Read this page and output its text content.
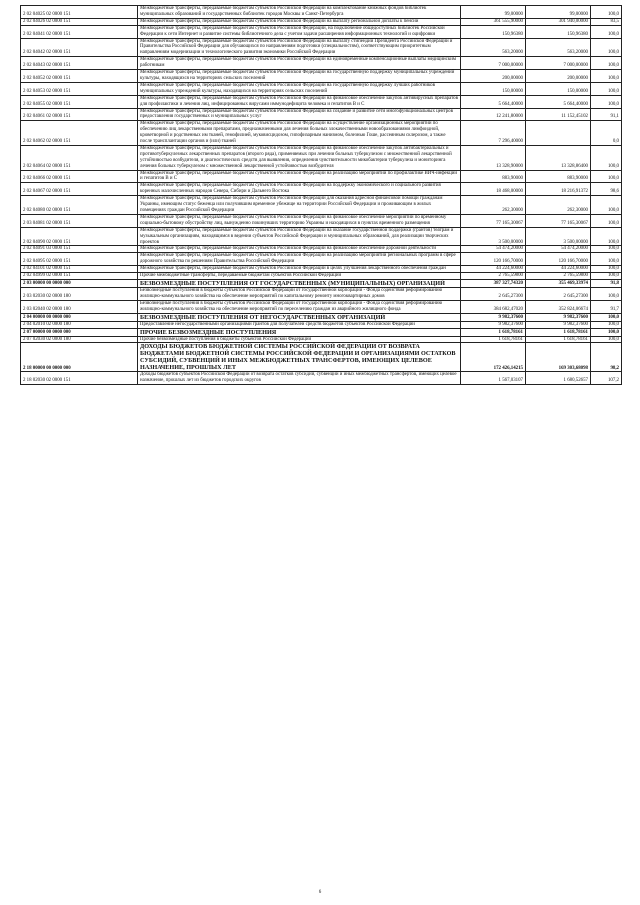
2 02 04025 02 0000 151	Межбюджетные трансферты, передаваемые бюджетам субъектов Российской Федерации на комплектование книжных фондов библиотек муниципальных образований и государственных библиотек городов Москвы и Санкт-Петербурга	99,00000	99,00000	100,0
2 02 04026 02 0000 151	Межбюджетные трансферты, передаваемые бюджетам субъектов Российской Федерации на выплату региональной доплаты к пенсии	361 555,90000	301 940,00000	83,5
2 02 04041 02 0000 151	Межбюджетные трансферты, передаваемые бюджетам субъектов Российской Федерации, на подключение общедоступных библиотек Российской Федерации к сети Интернет и развитие системы библиотечного дела с учетом задачи расширения информационных технологий и оцифровки	150,96380	150,96380	100,0
2 02 04042 02 0000 151	Межбюджетные трансферты, передаваемые бюджетам субъектов Российской Федерации на выплату стипендий Президента Российской Федерации и Правительства Российской Федерации для обучающихся по направлениям подготовки (специальностям), соответствующим приоритетным направлениям модернизации и технологического развития экономики Российской Федерации	563,20000	563,20000	100,0
2 02 04043 02 0000 151	Межбюджетные трансферты, передаваемые бюджетам субъектов Российской Федерации на единовременные компенсационные выплаты медицинским работникам	7 000,00000	7 000,00000	100,0
2 02 04052 02 0000 151	Межбюджетные трансферты, передаваемые бюджетам субъектов Российской Федерации на государственную поддержку муниципальных учреждений культуры, находящихся на территориях сельских поселений	200,00000	200,00000	100,0
2 02 04053 02 0000 151	Межбюджетные трансферты, передаваемые бюджетам субъектов Российской Федерации на государственную поддержку лучших работников муниципальных учреждений культуры, находящихся на территориях сельских поселений	150,00000	150,00000	100,0
2 02 04055 02 0000 151	Межбюджетные трансферты, передаваемые бюджетам субъектов Российской Федерации на финансовое обеспечение закупок антивирусных препаратов для профилактики и лечения лиц, инфицированных вирусами иммунодефицита человека и гепатитов В и С	5 664,40000	5 664,40000	100,0
2 02 04061 02 0000 151	Межбюджетные трансферты, передаваемые бюджетам субъектов Российской Федерации на создание и развитие сети многофункциональных центров предоставления государственных и муниципальных услуг	12 241,80000	11 152,45102	91,1
2 02 04062 02 0000 151	Межбюджетные трансферты, передаваемые бюджетам субъектов Российской Федерации на осуществление организационных мероприятий по обеспечению лиц лекарственными препаратами, предназначенными для лечения больных злокачественными новообразованиями лимфоидной, кроветворной и родственных им тканей, гемофилией, муковисцидозом, гипофизарным нанизмом, болезнью Гоше, рассеянным склерозом, а также после трансплантации органов и (или) тканей	7 296,40000		0,0
2 02 04064 02 0000 151	Межбюджетные трансферты, передаваемые бюджетам субъектов Российской Федерации на финансовое обеспечение закупок антибактериальных и противотуберкулезных лекарственных препаратов (второго ряда), применяемых при лечении больных туберкулезом с множественной лекарственной устойчивостью возбудителя, и диагностических средств для выявления, определения чувствительности микобактерии туберкулеза и мониторинга лечения больных туберкулезом с множественной лекарственной устойчивостью возбудителя	13 328,90000	13 328,86400	100,0
2 02 04066 02 0000 151	Межбюджетные трансферты, передаваемые бюджетам субъектов Российской Федерации на реализацию мероприятий по профилактике ВИЧ-инфекции и гепатитов В и С	883,90000	883,90000	100,0
2 02 04067 02 0000 151	Межбюджетные трансферты, передаваемые бюджетам субъектов Российской Федерации на поддержку экономического и социального развития коренных малочисленных народов Севера, Сибири и Дальнего Востока	18 468,00000	18 216,91372	98,6
2 02 04080 02 0000 151	Межбюджетные трансферты, передаваемые бюджетам субъектов Российской Федерации для оказания адресной финансовой помощи гражданам Украины, имеющим статус беженца или получившим временное убежище на территории Российской Федерации и проживающим в жилых помещениях граждан Российской Федерации	262,30000	262,30000	100,0
2 03 04081 02 0000 151	Межбюджетные трансферты, передаваемые бюджетам субъектов Российской Федерации на финансовое обеспечение мероприятий по временному социально-бытовому обустройству лиц, вынужденно покинувших территорию Украины и находящихся в пунктах временного размещения	77 165,30067	77 165,30067	100,0
2 02 04090 02 0000 151	Межбюджетные трансферты, передаваемые бюджетам субъектов Российской Федерации на оказание государственной поддержки (грантов) театрам и музыкальным организациям, находящимся в ведении субъектов Российской Федерации и муниципальных образований, для реализации творческих проектов	3 500,00000	3 500,00000	100,0
2 02 04091 03 0000 151	Межбюджетные трансферты, передаваемые бюджетам субъектов Российской Федерации на финансовое обеспечение дорожной деятельности	54 474,20000	54 474,20000	100,0
2 02 04095 02 0000 151	Межбюджетные трансферты, передаваемые бюджетам субъектов Российской Федерации на реализацию мероприятий региональных программ в сфере дорожного хозяйства по решениям Правительства Российской Федерации	120 166,70000	120 166,70000	100,0
2 02 04101 02 0000 151	Межбюджетные трансферты, передаваемые бюджетам субъектов Российской Федерации в целях улучшения лекарственного обеспечения граждан	44 224,60000	44 224,60000	100,0
2 02 04999 02 0000 151	Прочие межбюджетные трансферты, передаваемые бюджетам субъектов Российской Федерации	2 765,59800	2 765,59800	100,0
2 03 00000 00 0000 000	БЕЗВОЗМЕЗДНЫЕ ПОСТУПЛЕНИЯ ОТ ГОСУДАРСТВЕННЫХ (МУНИЦИПАЛЬНЫХ) ОРГАНИЗАЦИЙ	387 327,74320	355 469,33974	91,8
2 03 02030 02 0000 180	Безвозмездные поступления в бюджеты субъектов Российской Федерации от государственной корпорации - Фонда содействия реформированию жилищно-коммунального хозяйства на обеспечение мероприятий по капитальному ремонту многоквартирных домов	2 645,27300	2 645,27300	100,0
2 03 02040 02 0000 180	Безвозмездные поступления в бюджеты субъектов Российской Федерации от государственной корпорации - Фонда содействия реформированию жилищно-коммунального хозяйства на обеспечение мероприятий по переселению граждан из аварийного жилищного фонда	384 682,47020	352 824,06674	91,7
2 04 00000 00 0000 000	БЕЗВОЗМЕЗДНЫЕ ПОСТУПЛЕНИЯ ОТ НЕГОСУДАРСТВЕННЫХ ОРГАНИЗАЦИЙ	9 982,37600	9 982,37600	100,0
2 04 02010 02 0000 180	Предоставление негосударственными организациями грантов для получателей средств бюджетов субъектов Российской Федерации	9 982,37600	9 982,37600	100,0
2 07 00000 00 0000 000	ПРОЧИЕ БЕЗВОЗМЕЗДНЫЕ ПОСТУПЛЕНИЯ	1 618,78161	1 618,78161	100,0
2 07 02030 02 0000 180	Прочие безвозмездные поступления в бюджеты субъектов Российской Федерации	1 618,78161	1 618,78161	100,0
2 18 00000 00 0000 000	ДОХОДЫ БЮДЖЕТОВ БЮДЖЕТНОЙ СИСТЕМЫ РОССИЙСКОЙ ФЕДЕРАЦИИ ОТ ВОЗВРАТА БЮДЖЕТАМИ БЮДЖЕТНОЙ СИСТЕМЫ РОССИЙСКОЙ ФЕДЕРАЦИИ И ОРГАНИЗАЦИЯМИ ОСТАТКОВ СУБСИДИЙ, СУБВЕНЦИЙ И ИНЫХ МЕЖБЮДЖЕТНЫХ ТРАНСФЕРТОВ, ИМЕЮЩИХ ЦЕЛЕВОЕ НАЗНАЧЕНИЕ, ПРОШЛЫХ ЛЕТ	172 426,14215	169 303,68098	98,2
2 18 02030 02 0000 151	Доходы бюджетов субъектов Российской Федерации от возврата остатков субсидий, субвенций и иных межбюджетных трансфертов, имеющих целевое назначение, прошлых лет из бюджетов городских округов	1 567,03107	1 680,52657	107,2
6
